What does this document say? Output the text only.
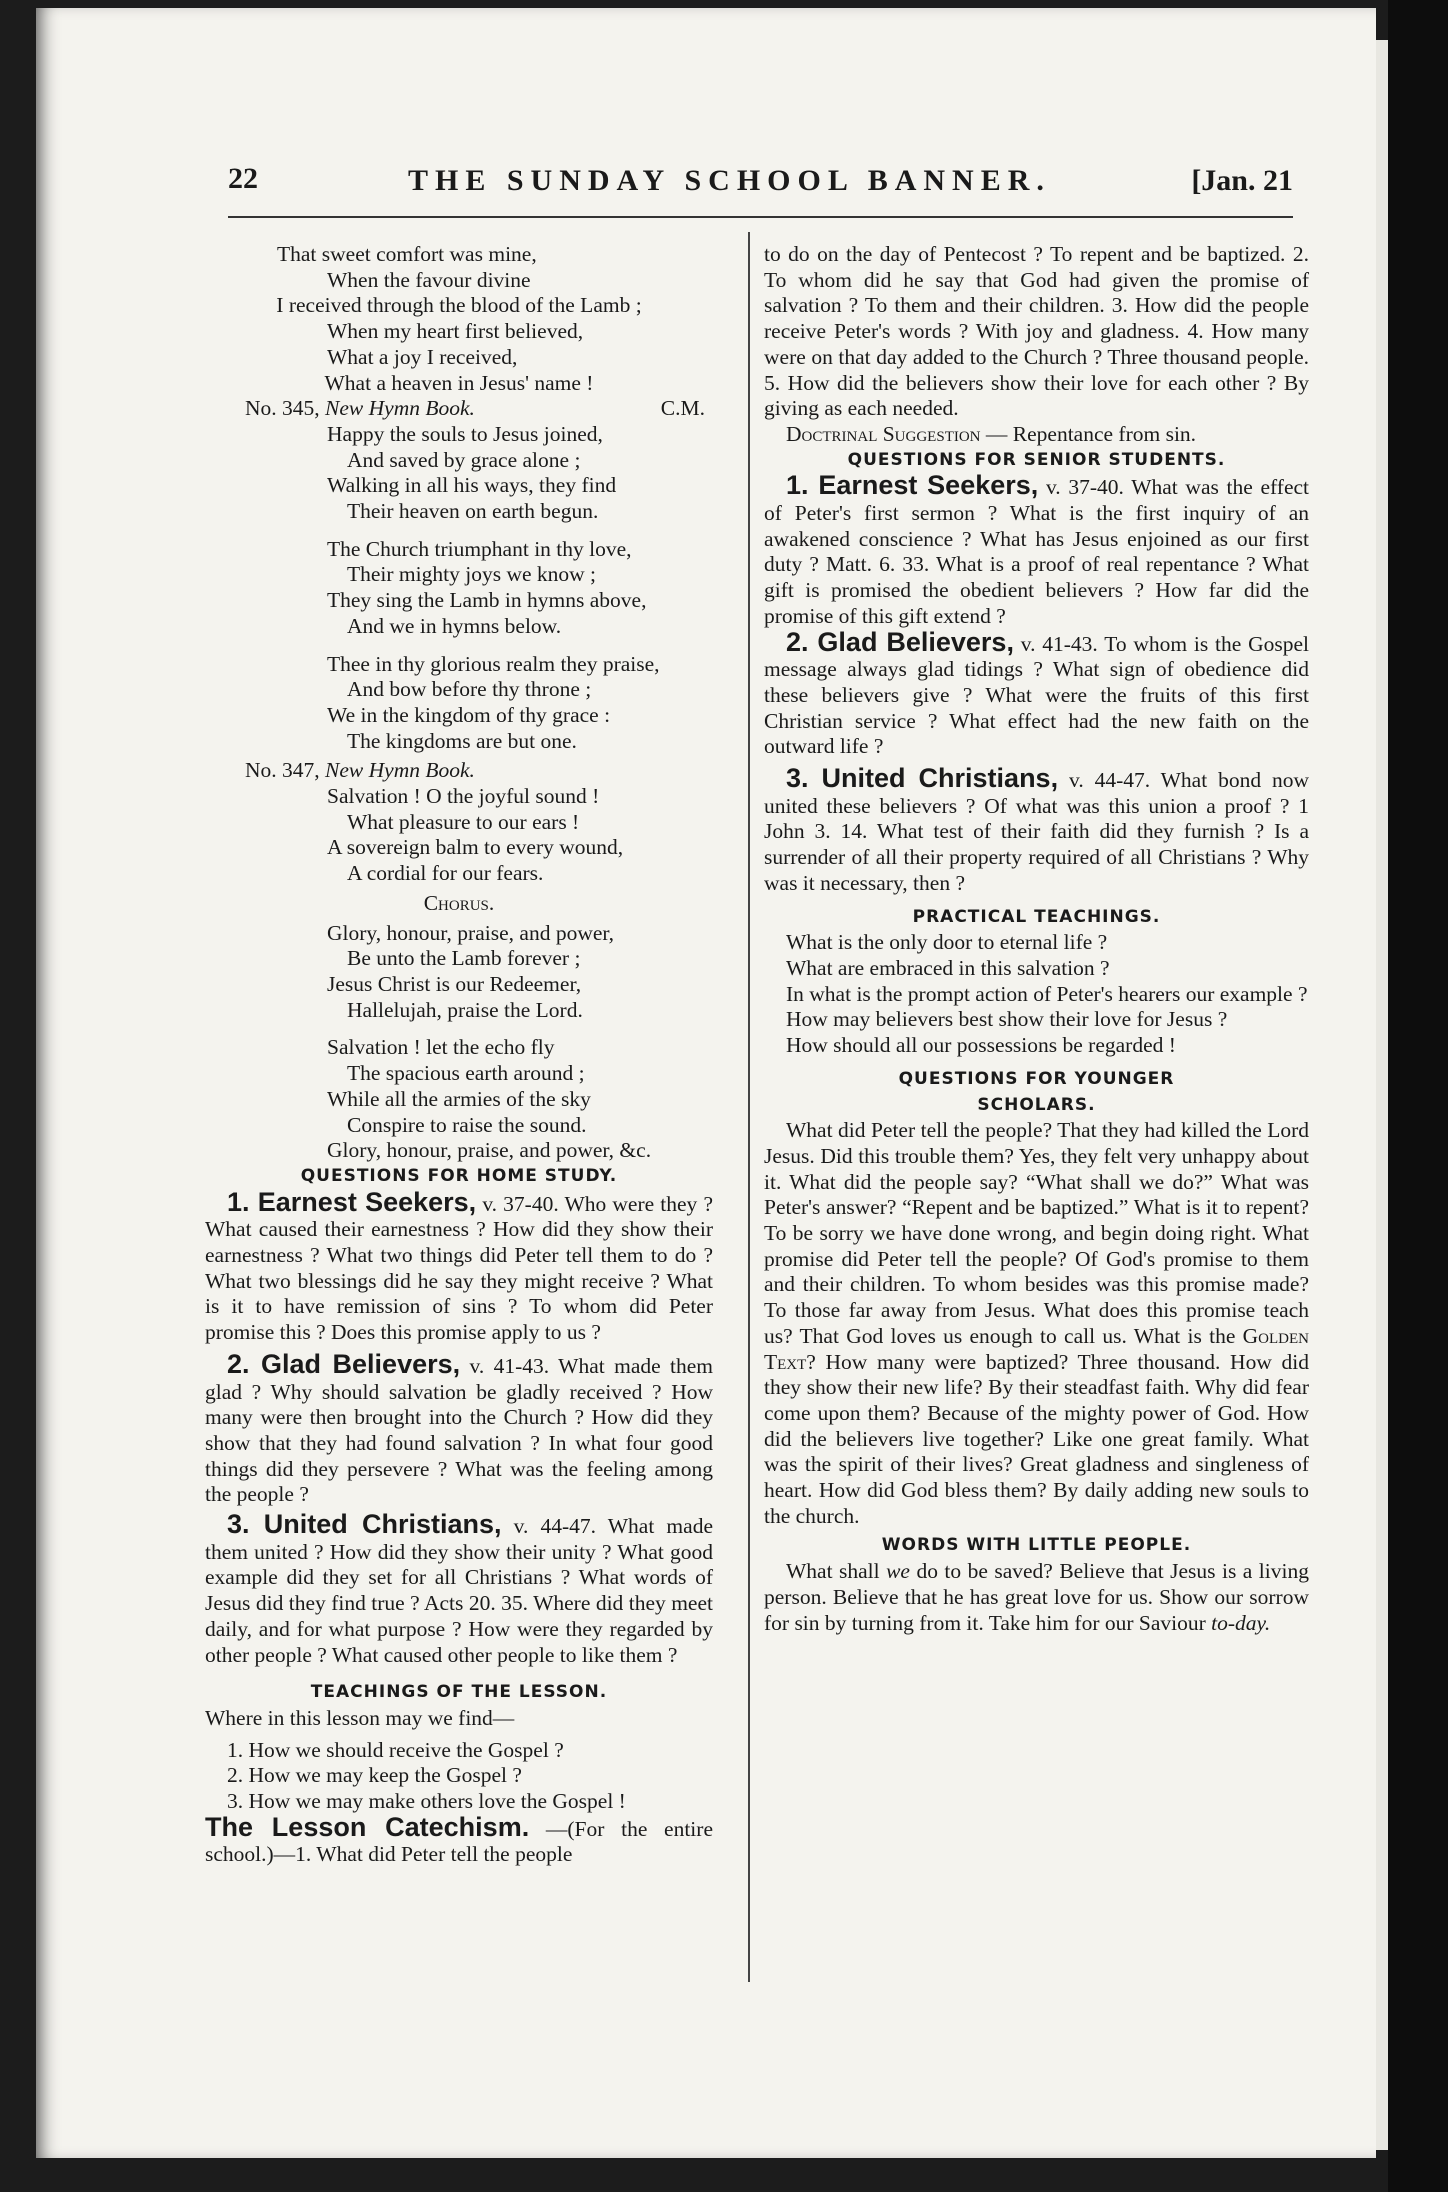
22	THE SUNDAY SCHOOL BANNER.	[Jan. 21

That sweet comfort was mine,

When the favour divine

I received through the blood of the Lamb ;

When my heart first believed,

What a joy I received,

What a heaven in Jesus' name !

No. 345, New Hymn Book.	C.M.

Happy the souls to Jesus joined,

And saved by grace alone ;

Walking in all his ways, they find

Their heaven on earth begun.

The Church triumphant in thy love,

Their mighty joys we know ;

They sing the Lamb in hymns above,

And we in hymns below.

Thee in thy glorious realm they praise,

And bow before thy throne ;

We in the kingdom of thy grace :

The kingdoms are but one.

No. 347,
New Hymn Book.

Salvation ! O the joyful sound !

What pleasure to our ears !

A sovereign balm to every wound,

A cordial for our fears.

Chorus.

Glory, honour, praise, and power,

Be unto the Lamb forever ;

Jesus Christ is our Redeemer,

Hallelujah, praise the Lord.

Salvation ! let the echo fly

The spacious earth around ;

While all the armies of the sky

Conspire to raise the sound.

Glory, honour, praise, and power, &c.

QUESTIONS FOR HOME STUDY.

1. Earnest Seekers, v. 37-40. Who were they ? What caused their earnestness ? How did they show their earnestness ? What two things did Peter tell them to do ? What two blessings did he say they might receive ? What is it to have remission of sins ? To whom did Peter promise this ? Does this promise apply to us ?

2. Glad Believers, v. 41-43. What made them glad ? Why should salvation be gladly received ? How many were then brought into the Church ? How did they show that they had found salvation ? In what four good things did they persevere ? What was the feeling among the people ?

3. United Christians, v. 44-47. What made them united ? How did they show their unity ? What good example did they set for all Christians ? What words of Jesus did they find true ? Acts 20. 35. Where did they meet daily, and for what purpose ? How were they regarded by other people ? What caused other people to like them ?

TEACHINGS OF THE LESSON.

Where in this lesson may we find—

1. How we should receive the Gospel ?

2. How we may keep the Gospel ?

3. How we may make others love the Gospel !

The Lesson Catechism. —(For the entire school.)—1. What did Peter tell the people

to do on the day of Pentecost ? To repent and be baptized. 2. To whom did he say that God had given the promise of salvation ? To them and their children. 3. How did the people receive Peter's words ? With joy and gladness. 4. How many were on that day added to the Church ? Three thousand people. 5. How did the believers show their love for each other ? By giving as each needed.

Doctrinal Suggestion — Repentance from sin.

QUESTIONS FOR SENIOR STUDENTS.

1. Earnest Seekers, v. 37-40. What was the effect of Peter's first sermon ? What is the first inquiry of an awakened conscience ? What has Jesus enjoined as our first duty ? Matt. 6. 33. What is a proof of real repentance ? What gift is promised the obedient believers ? How far did the promise of this gift extend ?

2. Glad Believers, v. 41-43. To whom is the Gospel message always glad tidings ? What sign of obedience did these believers give ? What were the fruits of this first Christian service ? What effect had the new faith on the outward life ?

3. United Christians, v. 44-47. What bond now united these believers ? Of what was this union a proof ? 1 John 3. 14. What test of their faith did they furnish ? Is a surrender of all their property required of all Christians ? Why was it necessary, then ?

PRACTICAL TEACHINGS.

What is the only door to eternal life ?

What are embraced in this salvation ?

In what is the prompt action of Peter's hearers our example ?

How may believers best show their love for Jesus ?

How should all our possessions be regarded !

QUESTIONS FOR YOUNGER SCHOLARS.

What did Peter tell the people? That they had killed the Lord Jesus. Did this trouble them? Yes, they felt very unhappy about it. What did the people say? “What shall we do?” What was Peter's answer? “Repent and be baptized.” What is it to repent? To be sorry we have done wrong, and begin doing right. What promise did Peter tell the people? Of God's promise to them and their children. To whom besides was this promise made? To those far away from Jesus. What does this promise teach us? That God loves us enough to call us. What is the Golden Text? How many were baptized? Three thousand. How did they show their new life? By their steadfast faith. Why did fear come upon them? Because of the mighty power of God. How did the believers live together? Like one great family. What was the spirit of their lives? Great gladness and singleness of heart. How did God bless them? By daily adding new souls to the church.

WORDS WITH LITTLE PEOPLE.

What shall we do to be saved? Believe that Jesus is a living person. Believe that he has great love for us. Show our sorrow for sin by turning from it. Take him for our Saviour to-day.
